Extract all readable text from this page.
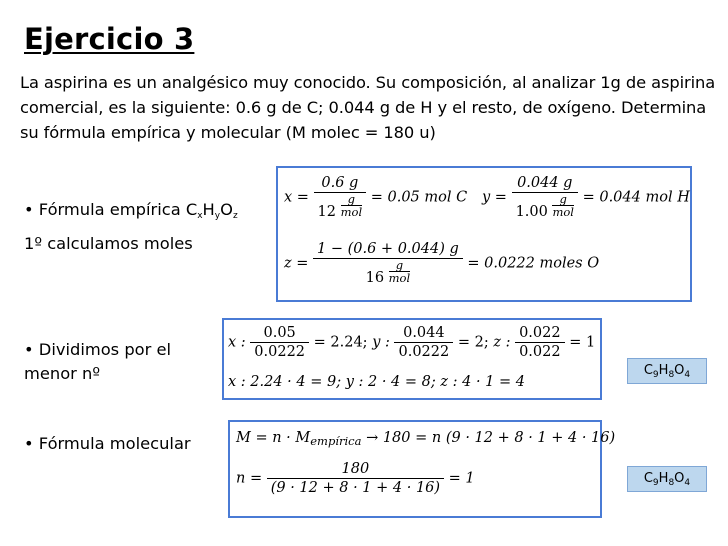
Ejercicio 3
La aspirina es un analgésico muy conocido. Su composición, al analizar 1g de aspirina comercial, es la siguiente: 0.6 g de C; 0.044 g de H y el resto, de oxígeno. Determina su fórmula empírica y molecular (M molec = 180 u)
• Fórmula empírica $C_xH_yO_z$
1º calculamos moles
x = 0.6 g
12
g
mol = 0.05 mol C y = 0.044 g
1.00
g
mol = 0.044 mol H
z = 1 − (0.6 + 0.044) g
16
g
mol = 0.0222 moles O
• Dividimos por el
menor nº
x : $\frac{0.05}{0.0222} = 2.24$; y : $\frac{0.044}{0.0222} = 2$; z : $\frac{0.022}{0.022} = 1$
x : 2.24 · 4 = 9; y : 2 · 4 = 8; z : 4 · 1 = 4
$C_9H_8O_4$
• Fórmula molecular	$M = n \cdot M_{empírica} \to 180 = n$ (9 · 12 + 8 · 1 + 4 · 16)
$n = \frac{180}{(9 \cdot 12 + 8 \cdot 1 + 4 \cdot 16)} = 1$	$C_9H_8O_4$
